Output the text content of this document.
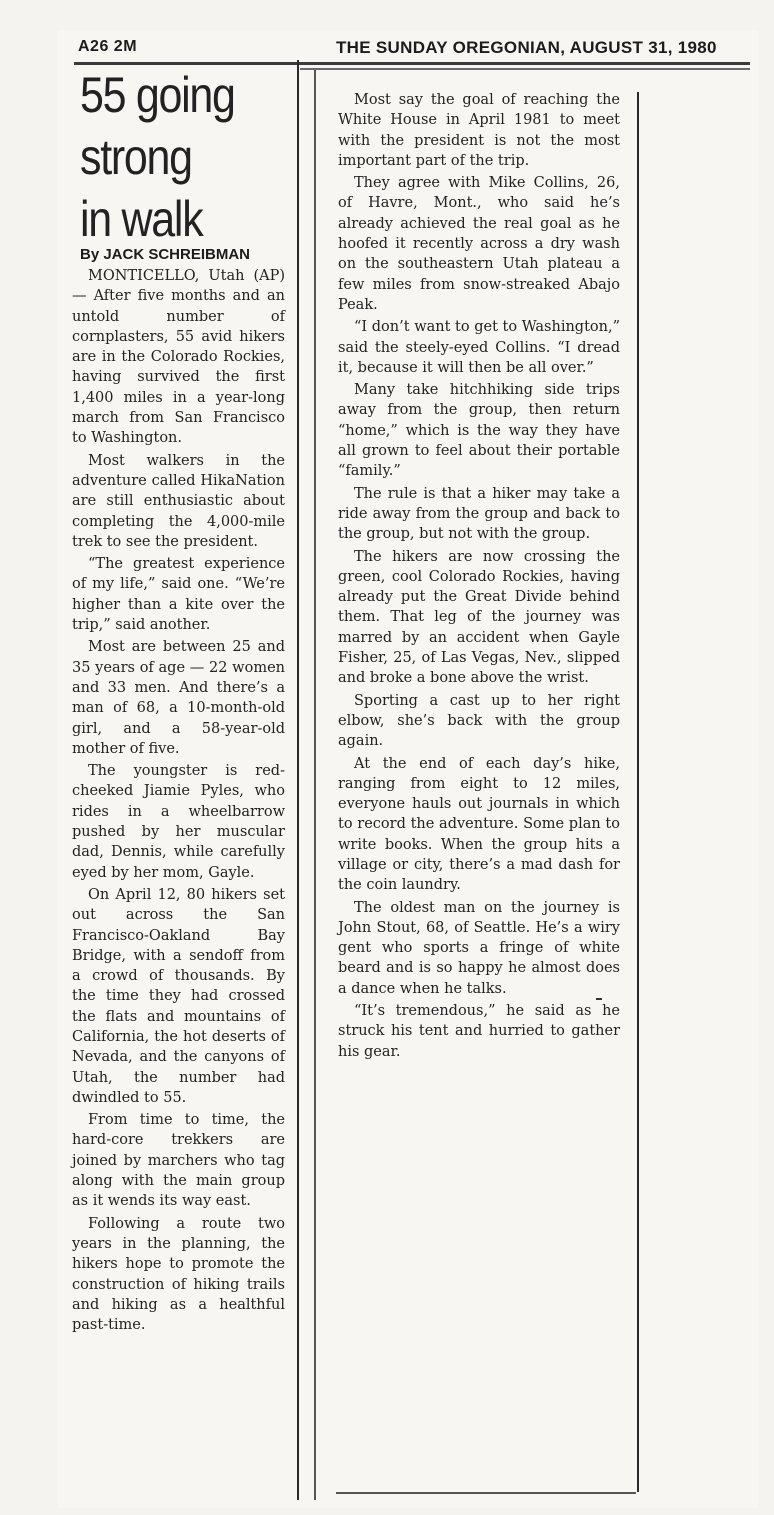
A26 2M	THE SUNDAY OREGONIAN, AUGUST 31, 1980
55 going
strong
in walk
By JACK SCHREIBMAN

MONTICELLO, Utah (AP) — After five months and an untold number of cornplasters, 55 avid hikers are in the Colorado Rockies, having survived the first 1,400 miles in a year-long march from San Francisco to Washington.

Most walkers in the adventure called HikaNation are still enthusiastic about completing the 4,000-mile trek to see the president.

“The greatest experience of my life,” said one. “We’re higher than a kite over the trip,” said another.

Most are between 25 and 35 years of age — 22 women and 33 men. And there’s a man of 68, a 10-month-old girl, and a 58-year-old mother of five.

The youngster is red-cheeked Jiamie Pyles, who rides in a wheelbarrow pushed by her muscular dad, Dennis, while carefully eyed by her mom, Gayle.

On April 12, 80 hikers set out across the San Francisco-Oakland Bay Bridge, with a sendoff from a crowd of thousands. By the time they had crossed the flats and mountains of California, the hot deserts of Nevada, and the canyons of Utah, the number had dwindled to 55.

From time to time, the hard-core trekkers are joined by marchers who tag along with the main group as it wends its way east.

Following a route two years in the planning, the hikers hope to promote the construction of hiking trails and hiking as a healthful past-time.

Most say the goal of reaching the White House in April 1981 to meet with the president is not the most important part of the trip.

They agree with Mike Collins, 26, of Havre, Mont., who said he’s already achieved the real goal as he hoofed it recently across a dry wash on the southeastern Utah plateau a few miles from snow-streaked Abajo Peak.

“I don’t want to get to Washington,” said the steely-eyed Collins. “I dread it, because it will then be all over.”

Many take hitchhiking side trips away from the group, then return “home,” which is the way they have all grown to feel about their portable “family.”

The rule is that a hiker may take a ride away from the group and back to the group, but not with the group.

The hikers are now crossing the green, cool Colorado Rockies, having already put the Great Divide behind them. That leg of the journey was marred by an accident when Gayle Fisher, 25, of Las Vegas, Nev., slipped and broke a bone above the wrist.

Sporting a cast up to her right elbow, she’s back with the group again.

At the end of each day’s hike, ranging from eight to 12 miles, everyone hauls out journals in which to record the adventure. Some plan to write books. When the group hits a village or city, there’s a mad dash for the coin laundry.

The oldest man on the journey is John Stout, 68, of Seattle. He’s a wiry gent who sports a fringe of white beard and is so happy he almost does a dance when he talks.

“It’s tremendous,” he said as he struck his tent and hurried to gather his gear.
